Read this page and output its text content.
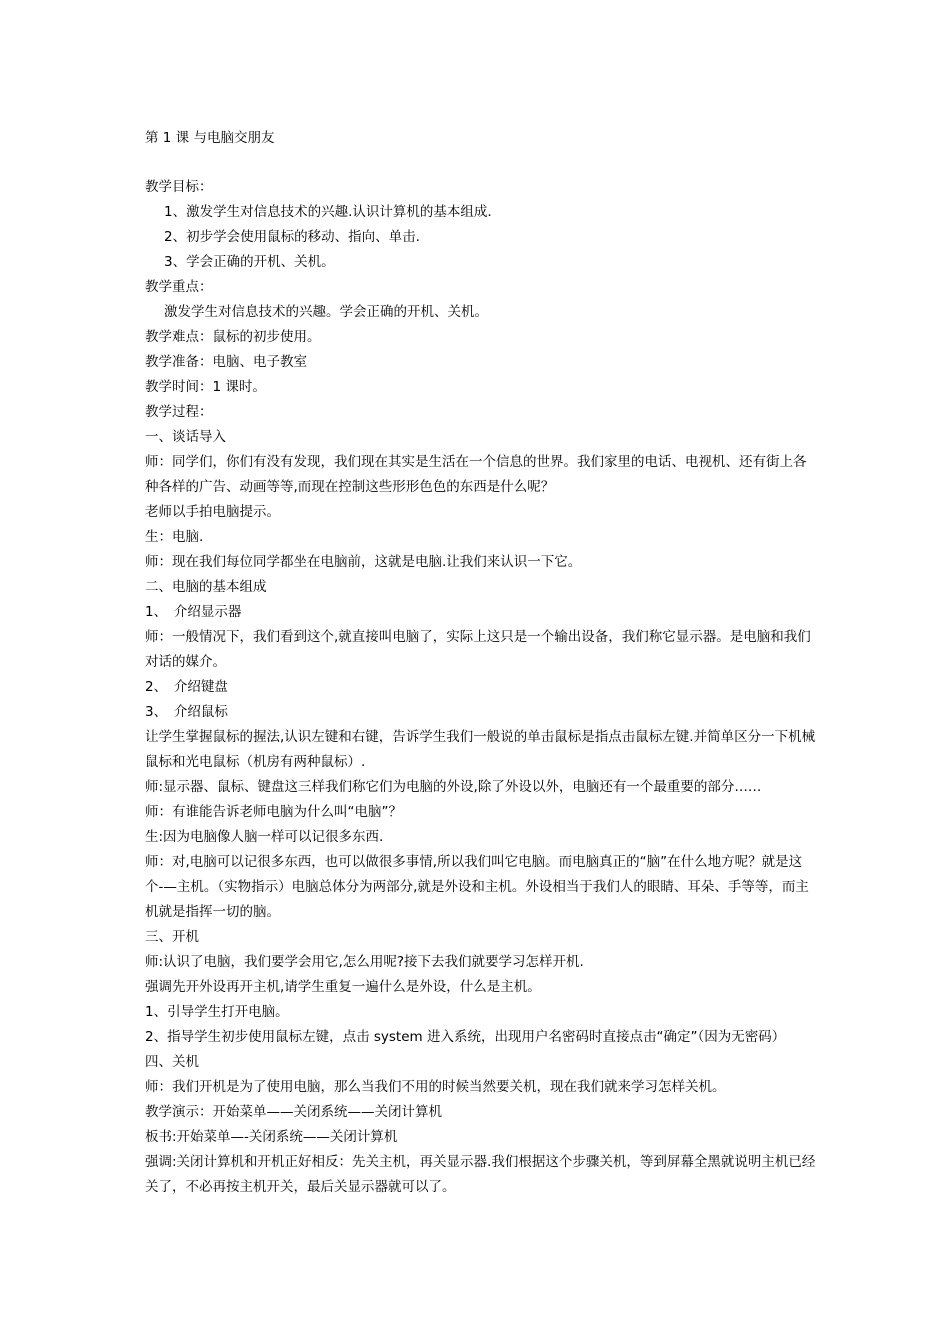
第 1 课 与电脑交朋友
教学目标：
1、激发学生对信息技术的兴趣.认识计算机的基本组成.
2、初步学会使用鼠标的移动、指向、单击.
3、学会正确的开机、关机。
教学重点：
激发学生对信息技术的兴趣。学会正确的开机、关机。
教学难点：鼠标的初步使用。
教学准备：电脑、电子教室
教学时间：1 课时。
教学过程：
一、谈话导入
师：同学们，你们有没有发现，我们现在其实是生活在一个信息的世界。我们家里的电话、电视机、还有街上各种各样的广告、动画等等,而现在控制这些形形色色的东西是什么呢？
老师以手拍电脑提示。
生：电脑.
师：现在我们每位同学都坐在电脑前，这就是电脑.让我们来认识一下它。
二、电脑的基本组成
1、　介绍显示器
师：一般情况下，我们看到这个,就直接叫电脑了，实际上这只是一个输出设备，我们称它显示器。是电脑和我们对话的媒介。
2、　介绍键盘
3、　介绍鼠标
让学生掌握鼠标的握法,认识左键和右键，告诉学生我们一般说的单击鼠标是指点击鼠标左键.并简单区分一下机械鼠标和光电鼠标（机房有两种鼠标）.
师:显示器、鼠标、键盘这三样我们称它们为电脑的外设,除了外设以外，电脑还有一个最重要的部分……
师：有谁能告诉老师电脑为什么叫“电脑”？
生:因为电脑像人脑一样可以记很多东西.
师：对,电脑可以记很多东西，也可以做很多事情,所以我们叫它电脑。而电脑真正的“脑”在什么地方呢？就是这个-—主机。（实物指示）电脑总体分为两部分,就是外设和主机。外设相当于我们人的眼睛、耳朵、手等等，而主机就是指挥一切的脑。
三、开机
师:认识了电脑，我们要学会用它,怎么用呢?接下去我们就要学习怎样开机.
强调先开外设再开主机,请学生重复一遍什么是外设，什么是主机。
1、引导学生打开电脑。
2、指导学生初步使用鼠标左键，点击 system 进入系统，出现用户名密码时直接点击“确定”（因为无密码）
四、关机
师：我们开机是为了使用电脑，那么当我们不用的时候当然要关机，现在我们就来学习怎样关机。
教学演示：开始菜单——关闭系统——关闭计算机
板书:开始菜单—-关闭系统——关闭计算机
强调:关闭计算机和开机正好相反：先关主机，再关显示器.我们根据这个步骤关机，等到屏幕全黑就说明主机已经关了，不必再按主机开关，最后关显示器就可以了。
